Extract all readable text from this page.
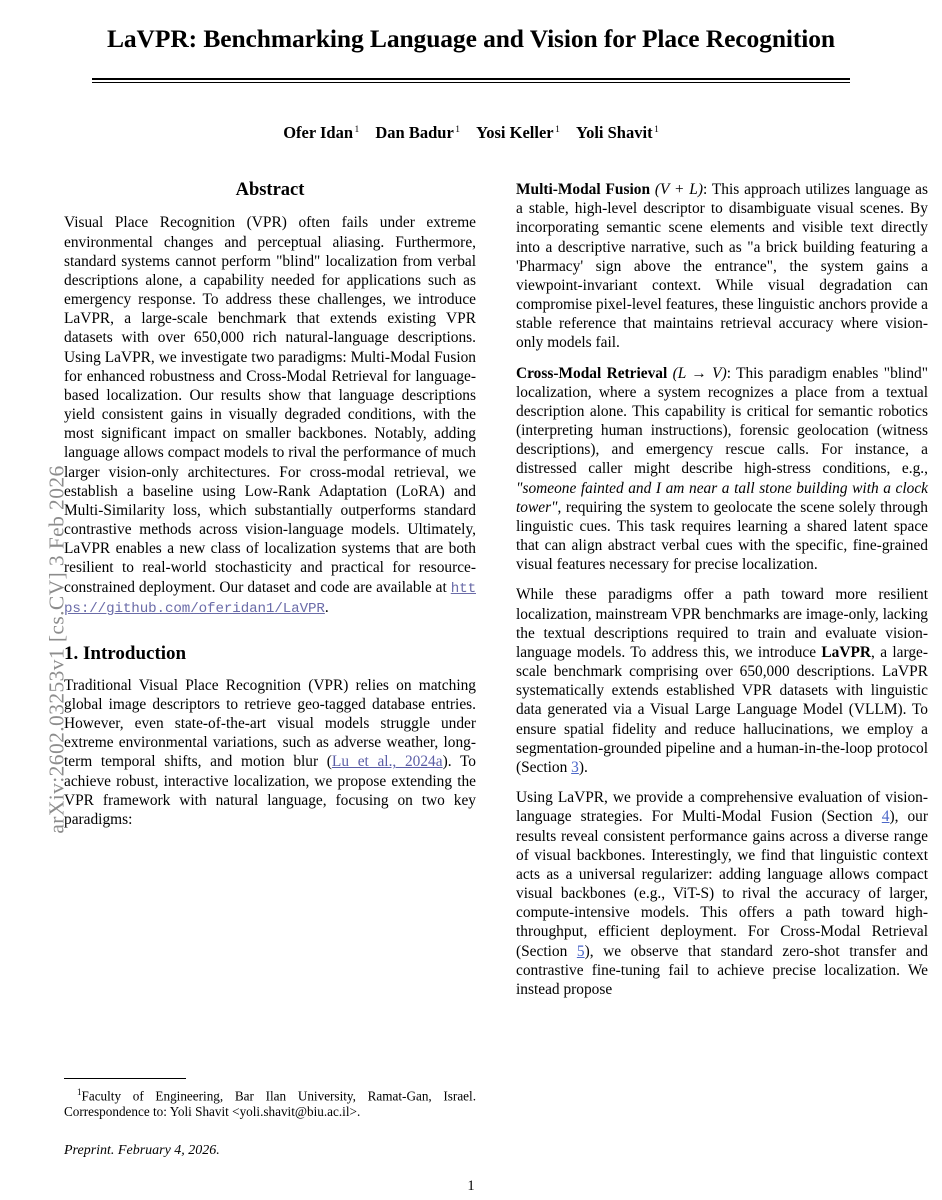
arXiv:2602.03253v1 [cs.CV] 3 Feb 2026
LaVPR: Benchmarking Language and Vision for Place Recognition
Ofer Idan $^1$ Dan Badur $^1$ Yosi Keller $^1$ Yoli Shavit $^1$
Abstract

Visual Place Recognition (VPR) often fails under extreme environmental changes and perceptual aliasing. Furthermore, standard systems cannot perform "blind" localization from verbal descriptions alone, a capability needed for applications such as emergency response. To address these challenges, we introduce LaVPR, a large-scale benchmark that extends existing VPR datasets with over 650,000 rich natural-language descriptions. Using LaVPR, we investigate two paradigms: Multi-Modal Fusion for enhanced robustness and Cross-Modal Retrieval for language-based localization. Our results show that language descriptions yield consistent gains in visually degraded conditions, with the most significant impact on smaller backbones. Notably, adding language allows compact models to rival the performance of much larger vision-only architectures. For cross-modal retrieval, we establish a baseline using Low-Rank Adaptation (LoRA) and Multi-Similarity loss, which substantially outperforms standard contrastive methods across vision-language models. Ultimately, LaVPR enables a new class of localization systems that are both resilient to real-world stochasticity and practical for resource-constrained deployment. Our dataset and code are available at https://github.com/oferidan1/LaVPR.

1. Introduction

Traditional Visual Place Recognition (VPR) relies on matching global image descriptors to retrieve geo-tagged database entries. However, even state-of-the-art visual models struggle under extreme environmental variations, such as adverse weather, long-term temporal shifts, and motion blur (Lu et al., 2024a). To achieve robust, interactive localization, we propose extending the VPR framework with natural language, focusing on two key paradigms:

Multi-Modal Fusion (V + L): This approach utilizes language as a stable, high-level descriptor to disambiguate visual scenes. By incorporating semantic scene elements and visible text directly into a descriptive narrative, such as "a brick building featuring a 'Pharmacy' sign above the entrance", the system gains a viewpoint-invariant context. While visual degradation can compromise pixel-level features, these linguistic anchors provide a stable reference that maintains retrieval accuracy where vision-only models fail.

Cross-Modal Retrieval (L → V): This paradigm enables "blind" localization, where a system recognizes a place from a textual description alone. This capability is critical for semantic robotics (interpreting human instructions), forensic geolocation (witness descriptions), and emergency rescue calls. For instance, a distressed caller might describe high-stress conditions, e.g., "someone fainted and I am near a tall stone building with a clock tower", requiring the system to geolocate the scene solely through linguistic cues. This task requires learning a shared latent space that can align abstract verbal cues with the specific, fine-grained visual features necessary for precise localization.

While these paradigms offer a path toward more resilient localization, mainstream VPR benchmarks are image-only, lacking the textual descriptions required to train and evaluate vision-language models. To address this, we introduce LaVPR, a large-scale benchmark comprising over 650,000 descriptions. LaVPR systematically extends established VPR datasets with linguistic data generated via a Visual Large Language Model (VLLM). To ensure spatial fidelity and reduce hallucinations, we employ a segmentation-grounded pipeline and a human-in-the-loop protocol (Section 3).

Using LaVPR, we provide a comprehensive evaluation of vision-language strategies. For Multi-Modal Fusion (Section 4), our results reveal consistent performance gains across a diverse range of visual backbones. Interestingly, we find that linguistic context acts as a universal regularizer: adding language allows compact visual backbones (e.g., ViT-S) to rival the accuracy of larger, compute-intensive models. This offers a path toward high-throughput, efficient deployment. For Cross-Modal Retrieval (Section 5), we observe that standard zero-shot transfer and contrastive fine-tuning fail to achieve precise localization. We instead propose

$^1$Faculty of Engineering, Bar Ilan University, Ramat-Gan, Israel. Correspondence to: Yoli Shavit <yoli.shavit@biu.ac.il>.
Preprint. February 4, 2026.
1
